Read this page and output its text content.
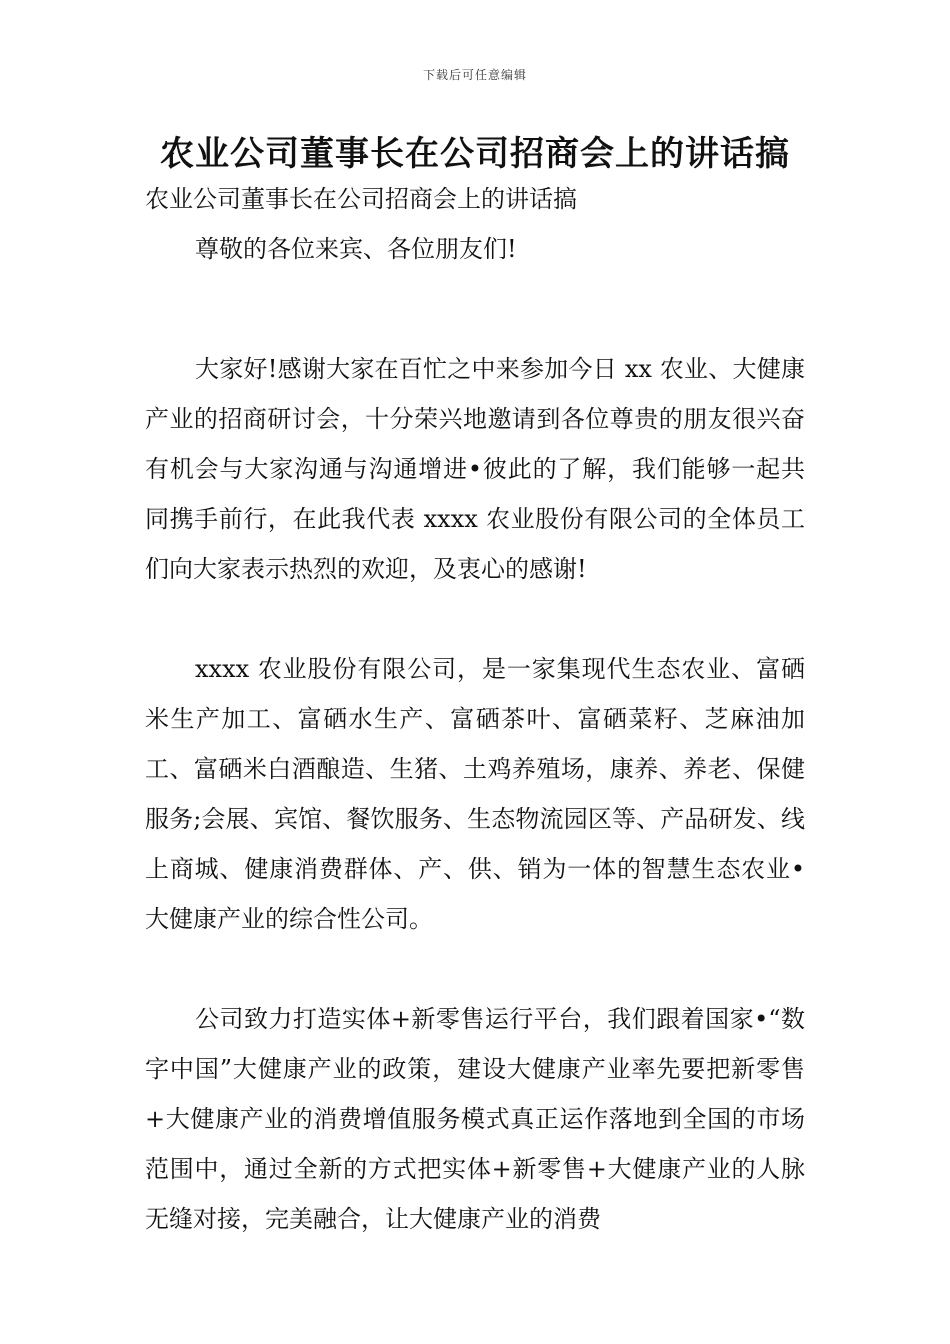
下载后可任意编辑
农业公司董事长在公司招商会上的讲话搞

农业公司董事长在公司招商会上的讲话搞

尊敬的各位来宾、各位朋友们!

大家好!感谢大家在百忙之中来参加今日 xx 农业、大健康产业的招商研讨会，十分荣兴地邀请到各位尊贵的朋友很兴奋有机会与大家沟通与沟通增进•彼此的了解，我们能够一起共同携手前行，在此我代表 xxxx 农业股份有限公司的全体员工们向大家表示热烈的欢迎，及衷心的感谢!

xxxx 农业股份有限公司，是一家集现代生态农业、富硒米生产加工、富硒水生产、富硒茶叶、富硒菜籽、芝麻油加工、富硒米白酒酿造、生猪、土鸡养殖场，康养、养老、保健服务;会展、宾馆、餐饮服务、生态物流园区等、产品研发、线上商城、健康消费群体、产、供、销为一体的智慧生态农业•大健康产业的综合性公司。

公司致力打造实体+新零售运行平台，我们跟着国家•“数字中国”大健康产业的政策，建设大健康产业率先要把新零售+大健康产业的消费增值服务模式真正运作落地到全国的市场范围中，通过全新的方式把实体+新零售+大健康产业的人脉无缝对接，完美融合，让大健康产业的消费
